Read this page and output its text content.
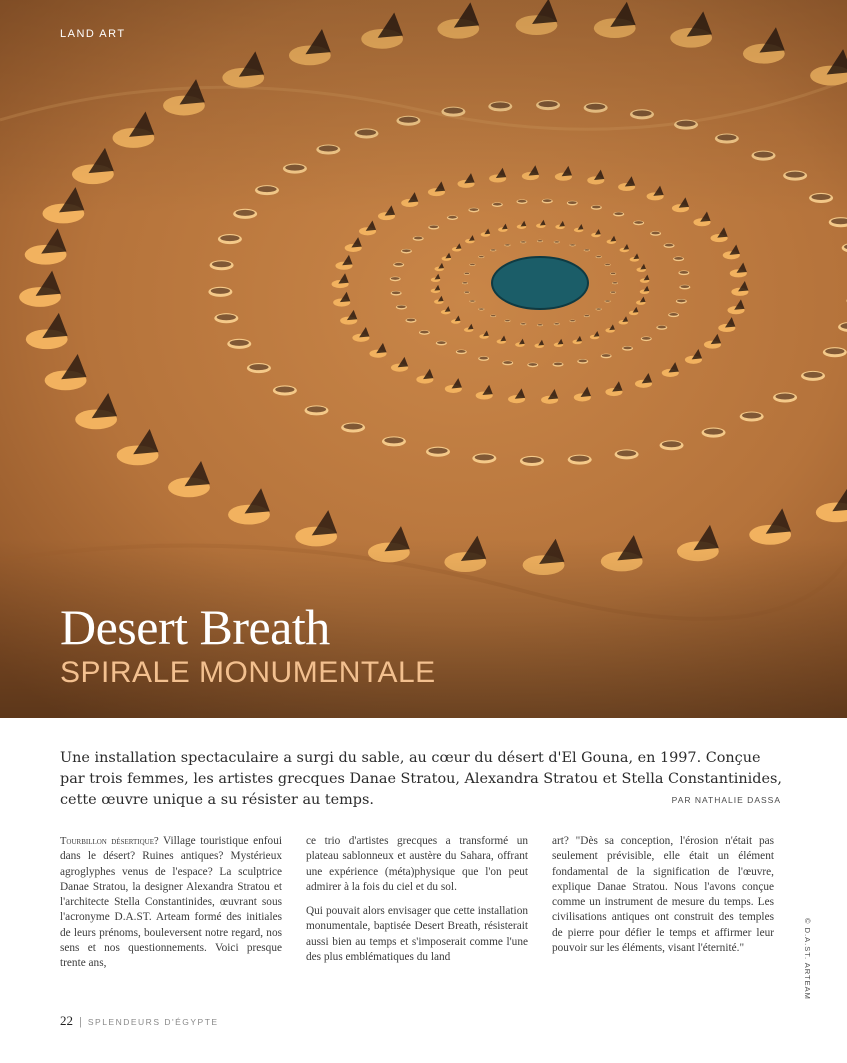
LAND ART
Desert Breath
SPIRALE MONUMENTALE
Une installation spectaculaire a surgi du sable, au cœur du désert d'El Gouna, en 1997. Conçue par trois femmes, les artistes grecques Danae Stratou, Alexandra Stratou et Stella Constantinides, cette œuvre unique a su résister au temps.	PAR NATHALIE DASSA

Tourbillon désertique? Village touristique enfoui dans le désert? Ruines antiques? Mystérieux agroglyphes venus de l'espace? La sculptrice Danae Stratou, la designer Alexandra Stratou et l'architecte Stella Constantinides, œuvrant sous l'acronyme D.A.ST. Arteam formé des initiales de leurs prénoms, bouleversent notre regard, nos sens et nos questionnements. Voici presque trente ans,

ce trio d'artistes grecques a transformé un plateau sablonneux et austère du Sahara, offrant une expérience (méta)physique que l'on peut admirer à la fois du ciel et du sol.

Qui pouvait alors envisager que cette installation monumentale, baptisée Desert Breath, résisterait aussi bien au temps et s'imposerait comme l'une des plus emblématiques du land

art? "Dès sa conception, l'érosion n'était pas seulement prévisible, elle était un élément fondamental de la signification de l'œuvre, explique Danae Stratou. Nous l'avons conçue comme un instrument de mesure du temps. Les civilisations antiques ont construit des temples de pierre pour défier le temps et affirmer leur pouvoir sur les éléments, visant l'éternité."	© D.A.ST. ARTEAM
22 | SPLENDEURS D'ÉGYPTE
